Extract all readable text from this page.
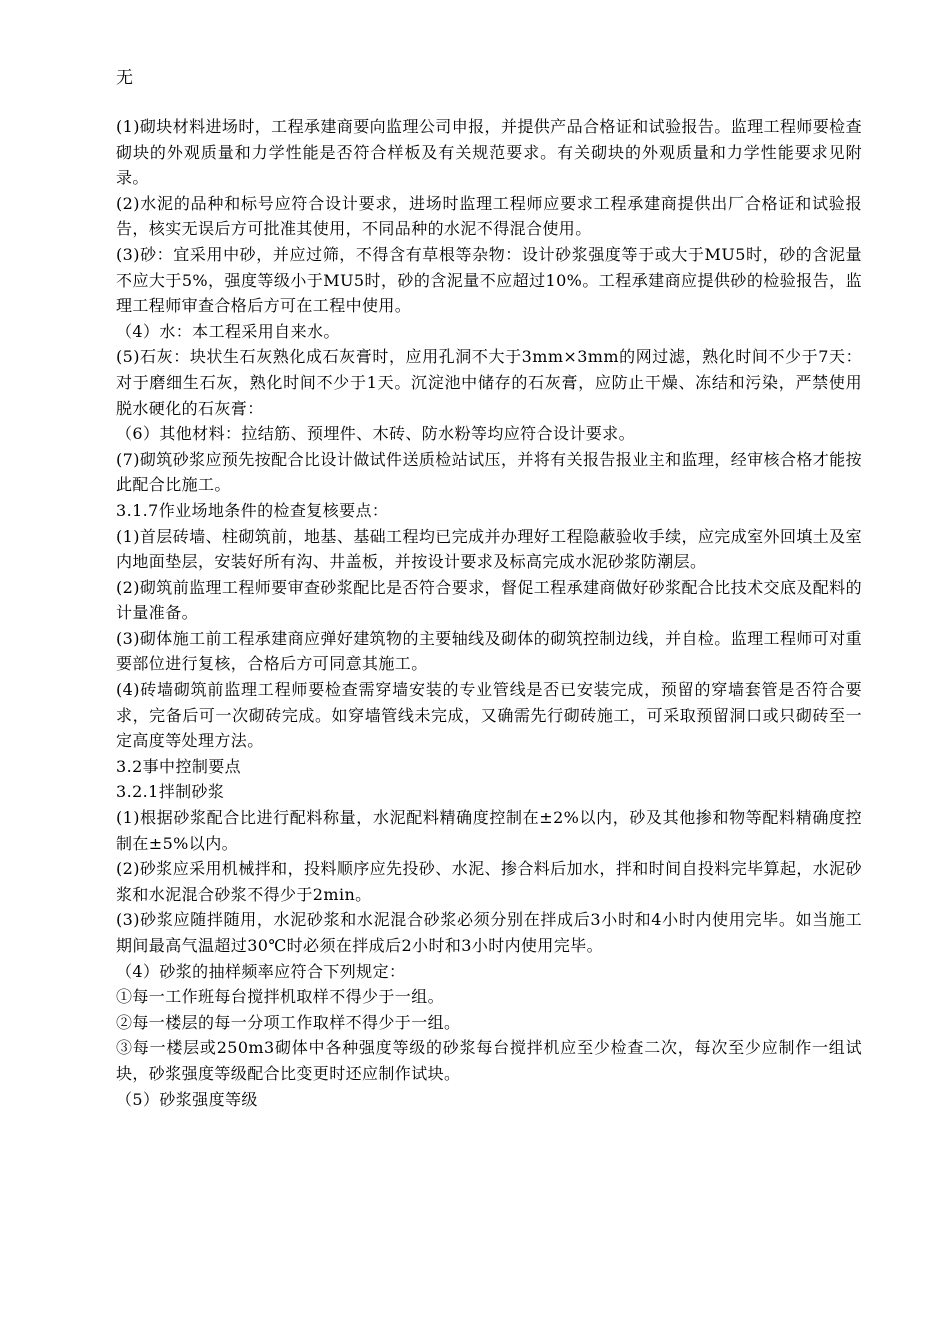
无

(1)砌块材料进场时，工程承建商要向监理公司申报，并提供产品合格证和试验报告。监理工程师要检查砌块的外观质量和力学性能是否符合样板及有关规范要求。有关砌块的外观质量和力学性能要求见附录。

(2)水泥的品种和标号应符合设计要求，进场时监理工程师应要求工程承建商提供出厂合格证和试验报告，核实无误后方可批准其使用，不同品种的水泥不得混合使用。

(3)砂：宜采用中砂，并应过筛，不得含有草根等杂物：设计砂浆强度等于或大于MU5时，砂的含泥量不应大于5%，强度等级小于MU5时，砂的含泥量不应超过10%。工程承建商应提供砂的检验报告，监理工程师审查合格后方可在工程中使用。

（4）水：本工程采用自来水。

(5)石灰：块状生石灰熟化成石灰膏时，应用孔洞不大于3mm×3mm的网过滤，熟化时间不少于7天：对于磨细生石灰，熟化时间不少于1天。沉淀池中储存的石灰膏，应防止干燥、冻结和污染，严禁使用脱水硬化的石灰膏：

（6）其他材料：拉结筋、预埋件、木砖、防水粉等均应符合设计要求。

(7)砌筑砂浆应预先按配合比设计做试件送质检站试压，并将有关报告报业主和监理，经审核合格才能按此配合比施工。

3.1.7作业场地条件的检查复核要点：

(1)首层砖墙、柱砌筑前，地基、基础工程均已完成并办理好工程隐蔽验收手续，应完成室外回填土及室内地面垫层，安装好所有沟、井盖板，并按设计要求及标高完成水泥砂浆防潮层。

(2)砌筑前监理工程师要审查砂浆配比是否符合要求，督促工程承建商做好砂浆配合比技术交底及配料的计量准备。

(3)砌体施工前工程承建商应弹好建筑物的主要轴线及砌体的砌筑控制边线，并自检。监理工程师可对重要部位进行复核，合格后方可同意其施工。

(4)砖墙砌筑前监理工程师要检查需穿墙安装的专业管线是否已安装完成，预留的穿墙套管是否符合要求，完备后可一次砌砖完成。如穿墙管线未完成，又确需先行砌砖施工，可采取预留洞口或只砌砖至一定高度等处理方法。

3.2事中控制要点

3.2.1拌制砂浆

(1)根据砂浆配合比进行配料称量，水泥配料精确度控制在±2%以内，砂及其他掺和物等配料精确度控制在±5%以内。

(2)砂浆应采用机械拌和，投料顺序应先投砂、水泥、掺合料后加水，拌和时间自投料完毕算起，水泥砂浆和水泥混合砂浆不得少于2min。

(3)砂浆应随拌随用，水泥砂浆和水泥混合砂浆必须分别在拌成后3小时和4小时内使用完毕。如当施工期间最高气温超过30℃时必须在拌成后2小时和3小时内使用完毕。

（4）砂浆的抽样频率应符合下列规定：

①每一工作班每台搅拌机取样不得少于一组。

②每一楼层的每一分项工作取样不得少于一组。

③每一楼层或250m3砌体中各种强度等级的砂浆每台搅拌机应至少检查二次，每次至少应制作一组试块，砂浆强度等级配合比变更时还应制作试块。

（5）砂浆强度等级
